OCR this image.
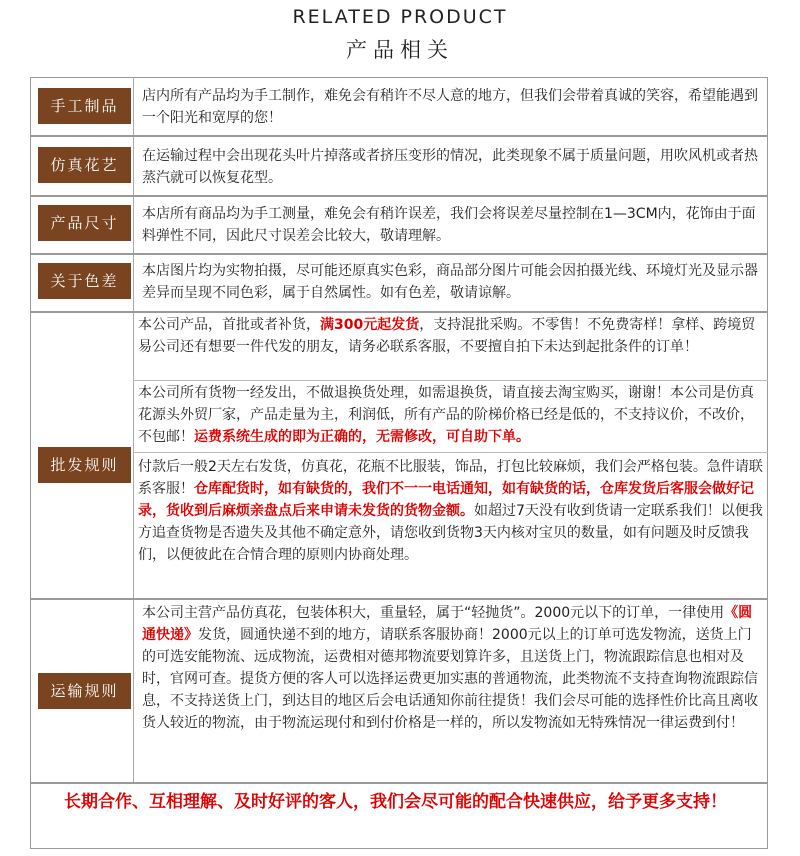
RELATED PRODUCT
产品相关
手工制品
店内所有产品均为手工制作，难免会有稍许不尽人意的地方，但我们会带着真诚的笑容，希望能遇到一个阳光和宽厚的您！
仿真花艺	在运输过程中会出现花头叶片掉落或者挤压变形的情况，此类现象不属于质量问题，用吹风机或者热蒸汽就可以恢复花型。
产品尺寸	本店所有商品均为手工测量，难免会有稍许误差，我们会将误差尽量控制在1—3CM内，花饰由于面料弹性不同，因此尺寸误差会比较大，敬请理解。
关于色差
本店图片均为实物拍摄，尽可能还原真实色彩，商品部分图片可能会因拍摄光线、环境灯光及显示器差异而呈现不同色彩，属于自然属性。如有色差，敬请谅解。
批发规则
本公司产品，首批或者补货，满300元起发货，支持混批采购。不零售！不免费寄样！拿样、跨境贸易公司还有想要一件代发的朋友，请务必联系客服，不要擅自拍下未达到起批条件的订单！
本公司所有货物一经发出，不做退换货处理，如需退换货，请直接去淘宝购买，谢谢！本公司是仿真花源头外贸厂家，产品走量为主，利润低，所有产品的阶梯价格已经是低的，不支持议价，不改价，不包邮！运费系统生成的即为正确的，无需修改，可自助下单。
付款后一般2天左右发货，仿真花，花瓶不比服装，饰品，打包比较麻烦，我们会严格包装。急件请联系客服！仓库配货时，如有缺货的，我们不一一电话通知，如有缺货的话，仓库发货后客服会做好记录，货收到后麻烦亲盘点后来申请未发货的货物金额。如超过7天没有收到货请一定联系我们！以便我方追查货物是否遗失及其他不确定意外，请您收到货物3天内核对宝贝的数量，如有问题及时反馈我们，以便彼此在合情合理的原则内协商处理。
运输规则
本公司主营产品仿真花，包装体积大，重量轻，属于“轻抛货”。2000元以下的订单，一律使用《圆通快递》发货，圆通快递不到的地方，请联系客服协商！2000元以上的订单可选发物流，送货上门的可选安能物流、远成物流，运费相对德邦物流要划算许多，且送货上门，物流跟踪信息也相对及时，官网可查。提货方便的客人可以选择运费更加实惠的普通物流，此类物流不支持查询物流跟踪信息，不支持送货上门，到达目的地区后会电话通知你前往提货！我们会尽可能的选择性价比高且离收货人较近的物流，由于物流运现付和到付价格是一样的，所以发物流如无特殊情况一律运费到付！
长期合作、互相理解、及时好评的客人，我们会尽可能的配合快速供应，给予更多支持！
